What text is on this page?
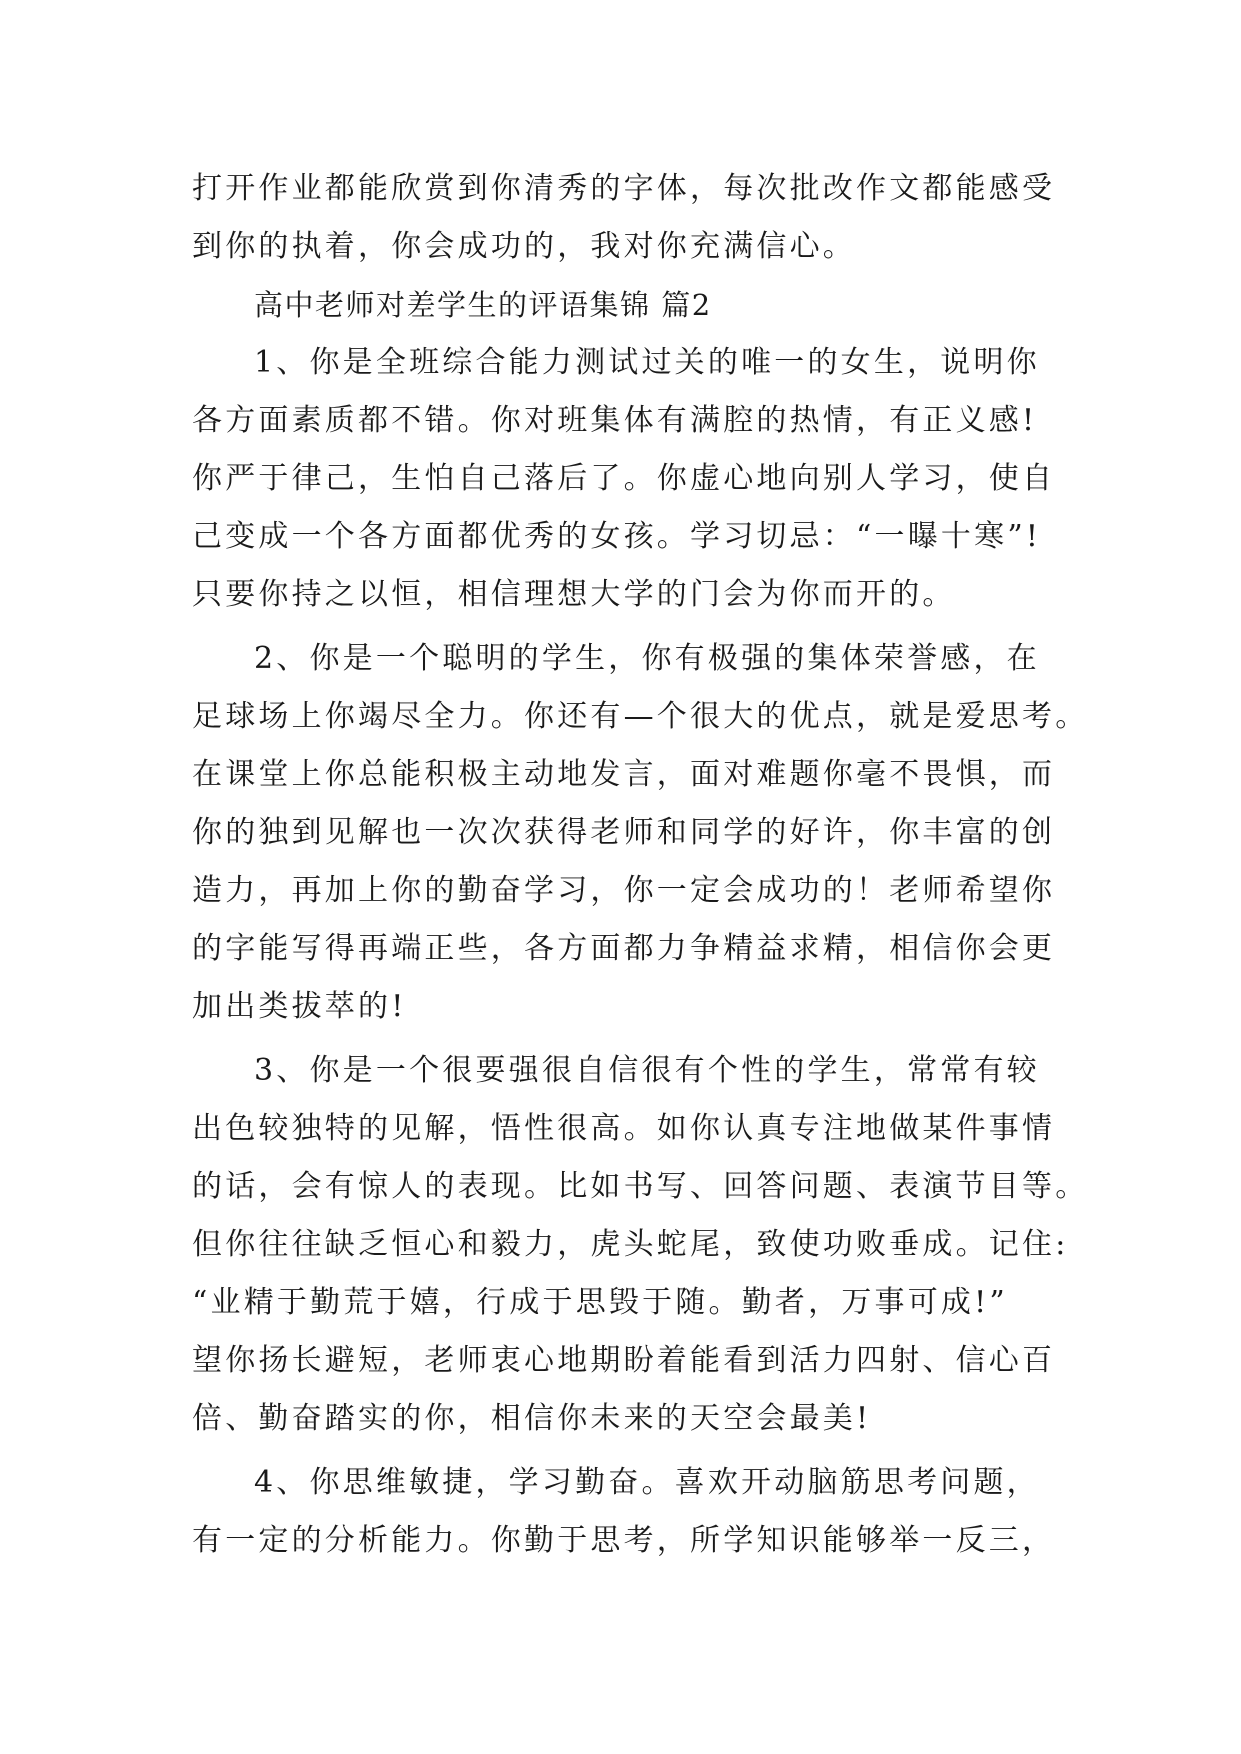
打开作业都能欣赏到你清秀的字体，每次批改作文都能感受
到你的执着，你会成功的，我对你充满信心。
高中老师对差学生的评语集锦 篇2
1、你是全班综合能力测试过关的唯一的女生，说明你
各方面素质都不错。你对班集体有满腔的热情，有正义感!
你严于律己，生怕自己落后了。你虚心地向别人学习，使自
己变成一个各方面都优秀的女孩。学习切忌：“一曝十寒”!
只要你持之以恒，相信理想大学的门会为你而开的。
2、你是一个聪明的学生，你有极强的集体荣誉感，在
足球场上你竭尽全力。你还有—个很大的优点，就是爱思考。
在课堂上你总能积极主动地发言，面对难题你毫不畏惧，而
你的独到见解也一次次获得老师和同学的好许，你丰富的创
造力，再加上你的勤奋学习，你一定会成功的！老师希望你
的字能写得再端正些，各方面都力争精益求精，相信你会更
加出类拔萃的!
3、你是一个很要强很自信很有个性的学生，常常有较
出色较独特的见解，悟性很高。如你认真专注地做某件事情
的话，会有惊人的表现。比如书写、回答问题、表演节目等。
但你往往缺乏恒心和毅力，虎头蛇尾，致使功败垂成。记住:
“业精于勤荒于嬉，行成于思毁于随。勤者，万事可成!”
望你扬长避短，老师衷心地期盼着能看到活力四射、信心百
倍、勤奋踏实的你，相信你未来的天空会最美!
4、你思维敏捷，学习勤奋。喜欢开动脑筋思考问题，
有一定的分析能力。你勤于思考，所学知识能够举一反三，
